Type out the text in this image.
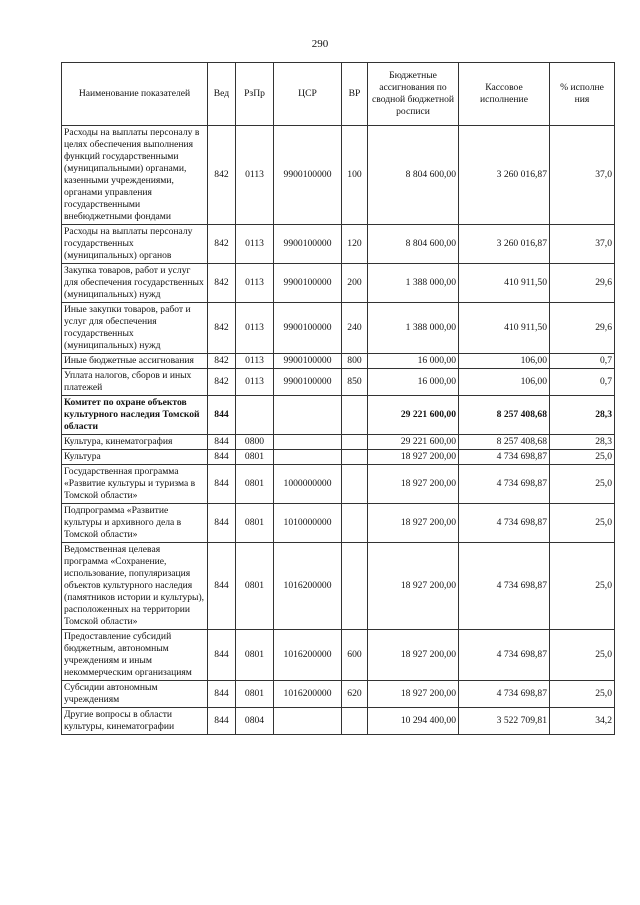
290
Наименование показателей	Вед	РзПр	ЦСР	ВР	Бюджетные ассигнования по сводной бюджетной росписи	Кассовое исполнение	% исполне ния
Расходы на выплаты персоналу в целях обеспечения выполнения функций государственными (муниципальными) органами, казенными учреждениями, органами управления государственными внебюджетными фондами	842	0113	9900100000	100	8 804 600,00	3 260 016,87	37,0
Расходы на выплаты персоналу государственных (муниципальных) органов	842	0113	9900100000	120	8 804 600,00	3 260 016,87	37,0
Закупка товаров, работ и услуг для обеспечения государственных (муниципальных) нужд	842	0113	9900100000	200	1 388 000,00	410 911,50	29,6
Иные закупки товаров, работ и услуг для обеспечения государственных (муниципальных) нужд	842	0113	9900100000	240	1 388 000,00	410 911,50	29,6
Иные бюджетные ассигнования	842	0113	9900100000	800	16 000,00	106,00	0,7
Уплата налогов, сборов и иных платежей	842	0113	9900100000	850	16 000,00	106,00	0,7
Комитет по охране объектов культурного наследия Томской области	844				29 221 600,00	8 257 408,68	28,3
Культура, кинематография	844	0800			29 221 600,00	8 257 408,68	28,3
Культура	844	0801			18 927 200,00	4 734 698,87	25,0
Государственная программа «Развитие культуры и туризма в Томской области»	844	0801	1000000000		18 927 200,00	4 734 698,87	25,0
Подпрограмма «Развитие культуры и архивного дела в Томской области»	844	0801	1010000000		18 927 200,00	4 734 698,87	25,0
Ведомственная целевая программа «Сохранение, использование, популяризация объектов культурного наследия (памятников истории и культуры), расположенных на территории Томской области»	844	0801	1016200000		18 927 200,00	4 734 698,87	25,0
Предоставление субсидий бюджетным, автономным учреждениям и иным некоммерческим организациям	844	0801	1016200000	600	18 927 200,00	4 734 698,87	25,0
Субсидии автономным учреждениям	844	0801	1016200000	620	18 927 200,00	4 734 698,87	25,0
Другие вопросы в области культуры, кинематографии	844	0804			10 294 400,00	3 522 709,81	34,2
